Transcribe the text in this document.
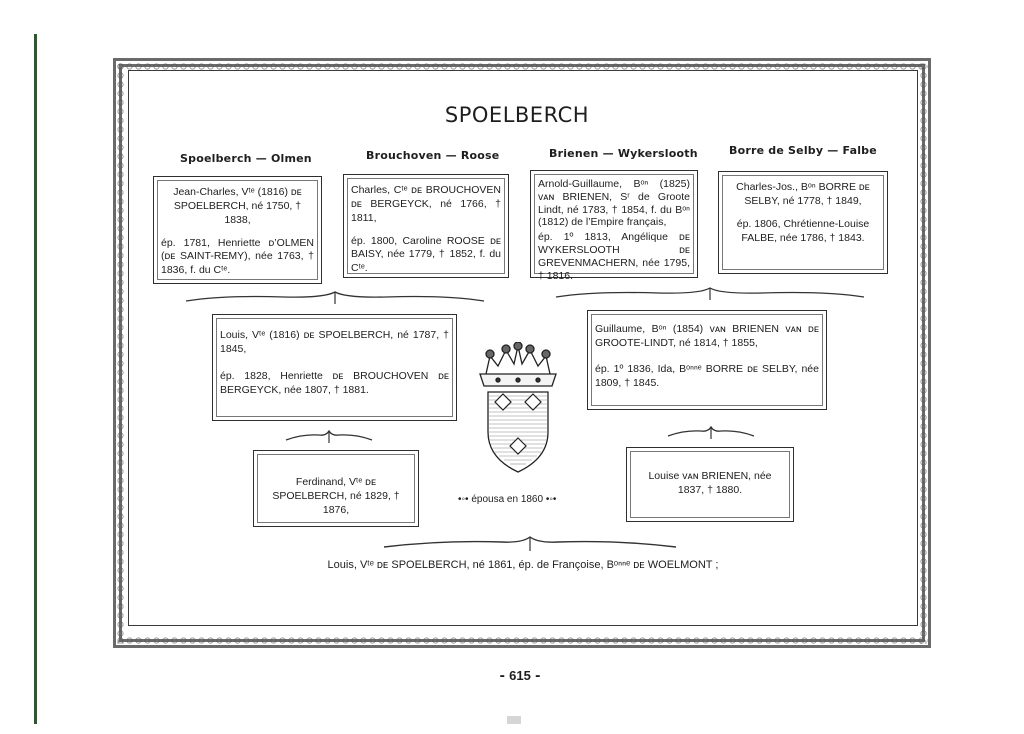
SPOELBERCH
Spoelberch — Olmen	Brouchoven — Roose	Brienen — Wykerslooth	Borre de Selby — Falbe

Jean-Charles, Vᵗᵉ (1816) ᴅᴇ SPOELBERCH, né 1750, † 1838,

ép. 1781, Henriette ᴅ’OLMEN (ᴅᴇ SAINT-REMY), née 1763, † 1836, f. du Cᵗᵉ.

Charles, Cᵗᵉ ᴅᴇ BROUCHOVEN ᴅᴇ BERGEYCK, né 1766, † 1811,

ép. 1800, Caroline ROOSE ᴅᴇ BAISY, née 1779, † 1852, f. du Cᵗᵉ.

Arnold-Guillaume, Bᵒⁿ (1825) ᴠᴀɴ BRIENEN, Sʳ de Groote Lindt, né 1783, † 1854, f. du Bᵒⁿ (1812) de l’Empire français,

ép. 1º 1813, Angélique ᴅᴇ WYKERSLOOTH ᴅᴇ GREVENMACHERN, née 1795, † 1816.

Charles-Jos., Bᵒⁿ BORRE ᴅᴇ SELBY, né 1778, † 1849,

ép. 1806, Chrétienne-Louise FALBE, née 1786, † 1843.

Louis, Vᵗᵉ (1816) ᴅᴇ SPOELBERCH, né 1787, † 1845,

ép. 1828, Henriette ᴅᴇ BROUCHOVEN ᴅᴇ BERGEYCK, née 1807, † 1881.

Guillaume, Bᵒⁿ (1854) ᴠᴀɴ BRIENEN ᴠᴀɴ ᴅᴇ GROOTE-LINDT, né 1814, † 1855,

ép. 1º 1836, Ida, Bᵒⁿⁿᵉ BORRE ᴅᴇ SELBY, née 1809, † 1845.

Ferdinand, Vᵗᵉ ᴅᴇ SPOELBERCH, né 1829, † 1876,

Louise ᴠᴀɴ BRIENEN, née 1837, † 1880.

•◦• épousa en 1860 •◦•
Louis, Vᵗᵉ ᴅᴇ SPOELBERCH, né 1861, ép. de Françoise, Bᵒⁿⁿᵉ ᴅᴇ WOELMONT ;
⁃ 615 ⁃
